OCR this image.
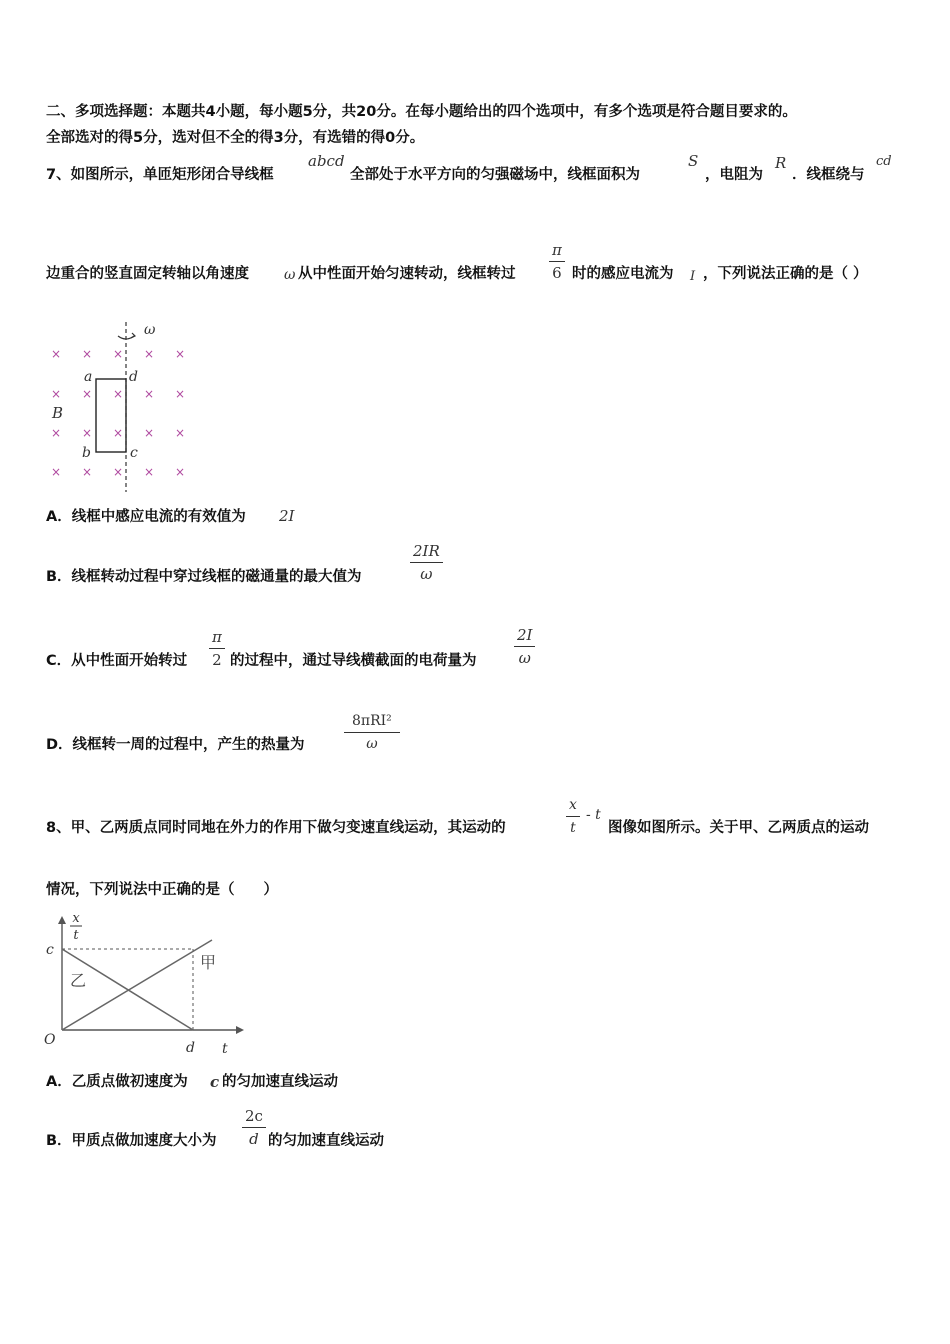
二、多项选择题：本题共4小题，每小题5分，共20分。在每小题给出的四个选项中，有多个选项是符合题目要求的。
全部选对的得5分，选对但不全的得3分，有选错的得0分。
7、如图所示，单匝矩形闭合导线框
abcd
全部处于水平方向的匀强磁场中，线框面积为
S
，电阻为
R
．线框绕与
cd
边重合的竖直固定转轴以角速度	ω 从中性面开始匀速转动，线框转过 $\frac{\pi}{6}$ 时的感应电流为 I ，下列说法正确的是（ ）
× × × × ×
× × × × ×
× × × × ×
× × × × ×
ω
a	d
b	c
B
A．线框中感应电流的有效值为 2I
B．线框转动过程中穿过线框的磁通量的最大值为	$\frac{2IR}{\omega}$
C．从中性面开始转过 $\frac{\pi}{2}$ 的过程中，通过导线横截面的电荷量为	$\frac{2I}{\omega}$
D．线框转一周的过程中，产生的热量为
8πRI²
ω
8、甲、乙两质点同时同地在外力的作用下做匀变速直线运动，其运动的	$\frac{x}{t}$ - t
图像如图所示。关于甲、乙两质点的运动
情况，下列说法中正确的是（　　）
x
t
c
O	d t
甲
乙
A．乙质点做初速度为 c 的匀加速直线运动
B．甲质点做加速度大小为 $\frac{2c}{d}$ 的匀加速直线运动
